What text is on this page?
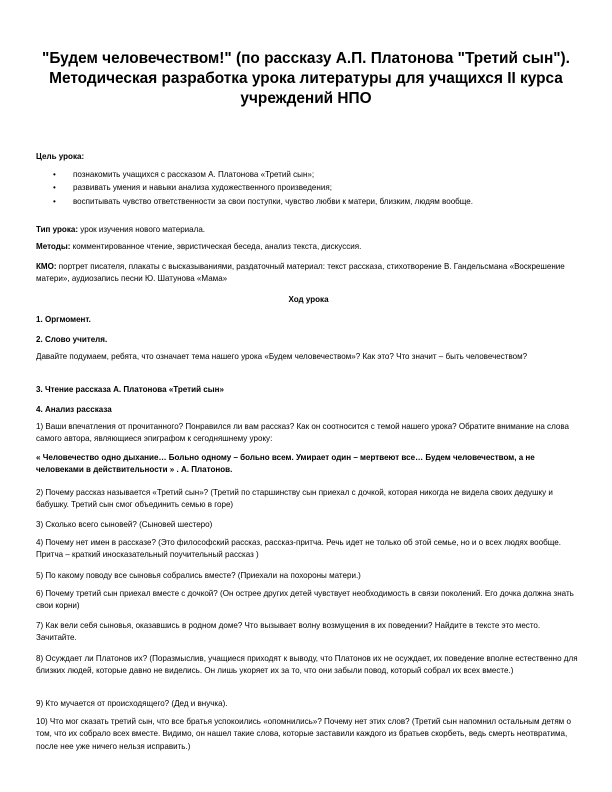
"Будем человечеством!" (по рассказу А.П. Платонова "Третий сын"). Методическая разработка урока литературы для учащихся II курса учреждений НПО

Цель урока:

• познакомить учащихся с рассказом А. Платонова «Третий сын»;
• развивать умения и навыки анализа художественного произведения;
• воспитывать чувство ответственности за свои поступки, чувство любви к матери, близким, людям вообще.

Тип урока: урок изучения нового материала.

Методы: комментированное чтение, эвристическая беседа, анализ текста, дискуссия.

КМО: портрет писателя, плакаты с высказываниями, раздаточный материал: текст рассказа, стихотворение В. Гандельсмана «Воскрешение матери», аудиозапись песни Ю. Шатунова «Мама»

Ход урока

1. Оргмомент.

2. Слово учителя.

Давайте подумаем, ребята, что означает тема нашего урока «Будем человечеством»? Как это? Что значит – быть человечеством?

3. Чтение рассказа А. Платонова «Третий сын»

4. Анализ рассказа

1) Ваши впечатления от прочитанного? Понравился ли вам рассказ? Как он соотносится с темой нашего урока? Обратите внимание на слова самого автора, являющиеся эпиграфом к сегодняшнему уроку:

« Человечество одно дыхание… Больно одному – больно всем. Умирает один – мертвеют все… Будем человечеством, а не человеками в действительности » . А. Платонов.

2) Почему рассказ называется «Третий сын»? (Третий по старшинству сын приехал с дочкой, которая никогда не видела своих дедушку и бабушку. Третий сын смог объединить семью в горе)

3) Сколько всего сыновей? (Сыновей шестеро)

4) Почему нет имен в рассказе? (Это философский рассказ, рассказ-притча. Речь идет не только об этой семье, но и о всех людях вообще. Притча – краткий иносказательный поучительный рассказ )

5) По какому поводу все сыновья собрались вместе? (Приехали на похороны матери.)

6) Почему третий сын приехал вместе с дочкой? (Он острее других детей чувствует необходимость в связи поколений. Его дочка должна знать свои корни)

7) Как вели себя сыновья, оказавшись в родном доме? Что вызывает волну возмущения в их поведении? Найдите в тексте это место. Зачитайте.

8) Осуждает ли Платонов их? (Поразмыслив, учащиеся приходят к выводу, что Платонов их не осуждает, их поведение вполне естественно для близких людей, которые давно не виделись. Он лишь укоряет их за то, что они забыли повод, который собрал их всех вместе.)

9) Кто мучается от происходящего? (Дед и внучка).

10) Что мог сказать третий сын, что все братья успокоились «опомнились»? Почему нет этих слов? (Третий сын напомнил остальным детям о том, что их собрало всех вместе. Видимо, он нашел такие слова, которые заставили каждого из братьев скорбеть, ведь смерть неотвратима, после нее уже ничего нельзя исправить.)
